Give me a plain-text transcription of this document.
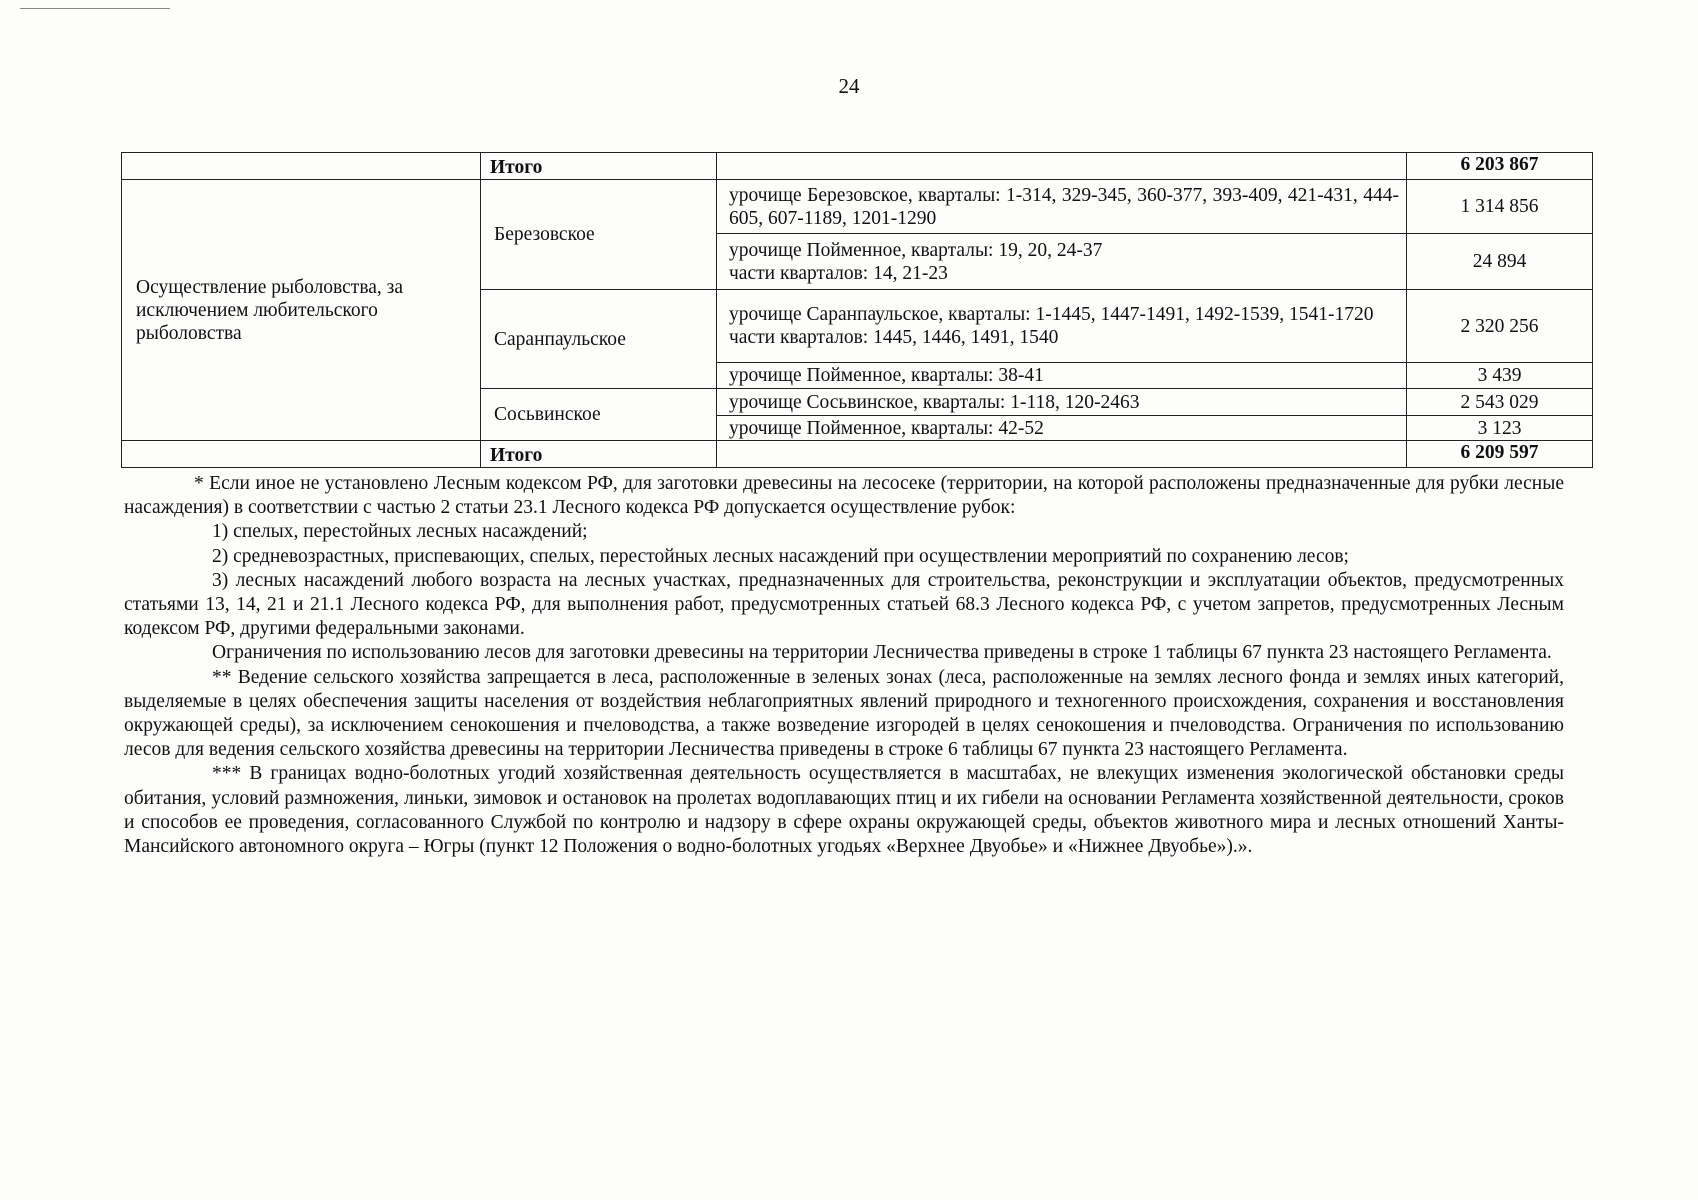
24
	Итого		6 203 867
Осуществление рыболовства, за исключением любительского рыболовства	Березовское	урочище Березовское, кварталы: 1-314, 329-345, 360-377, 393-409, 421-431, 444-605, 607-1189, 1201-1290	1 314 856

		урочище Пойменное, кварталы: 19, 20, 24-37
части кварталов: 14, 21-23	24 894
	Саранпаульское	урочище Саранпаульское, кварталы: 1-1445, 1447-1491, 1492-1539, 1541-1720
части кварталов: 1445, 1446, 1491, 1540	2 320 256
		урочище Пойменное, кварталы: 38-41	3 439
	Сосьвинское	урочище Сосьвинское, кварталы: 1-118, 120-2463	2 543 029
		урочище Пойменное, кварталы: 42-52	3 123
	Итого		6 209 597

* Если иное не установлено Лесным кодексом РФ, для заготовки древесины на лесосеке (территории, на которой расположены предназначенные для рубки лесные насаждения) в соответствии с частью 2 статьи 23.1 Лесного кодекса РФ допускается осуществление рубок:

1) спелых, перестойных лесных насаждений;

2) средневозрастных, приспевающих, спелых, перестойных лесных насаждений при осуществлении мероприятий по сохранению лесов;

3) лесных насаждений любого возраста на лесных участках, предназначенных для строительства, реконструкции и эксплуатации объектов, предусмотренных статьями 13, 14, 21 и 21.1 Лесного кодекса РФ, для выполнения работ, предусмотренных статьей 68.3 Лесного кодекса РФ, с учетом запретов, предусмотренных Лесным кодексом РФ, другими федеральными законами.

Ограничения по использованию лесов для заготовки древесины на территории Лесничества приведены в строке 1 таблицы 67 пункта 23 настоящего Регламента.

** Ведение сельского хозяйства запрещается в леса, расположенные в зеленых зонах (леса, расположенные на землях лесного фонда и землях иных категорий, выделяемые в целях обеспечения защиты населения от воздействия неблагоприятных явлений природного и техногенного происхождения, сохранения и восстановления окружающей среды), за исключением сенокошения и пчеловодства, а также возведение изгородей в целях сенокошения и пчеловодства. Ограничения по использованию лесов для ведения сельского хозяйства древесины на территории Лесничества приведены в строке 6 таблицы 67 пункта 23 настоящего Регламента.

*** В границах водно-болотных угодий хозяйственная деятельность осуществляется в масштабах, не влекущих изменения экологической обстановки среды обитания, условий размножения, линьки, зимовок и остановок на пролетах водоплавающих птиц и их гибели на основании Регламента хозяйственной деятельности, сроков и способов ее проведения, согласованного Службой по контролю и надзору в сфере охраны окружающей среды, объектов животного мира и лесных отношений Ханты-Мансийского автономного округа – Югры (пункт 12 Положения о водно-болотных угодьях «Верхнее Двуобье» и «Нижнее Двуобье»).».
